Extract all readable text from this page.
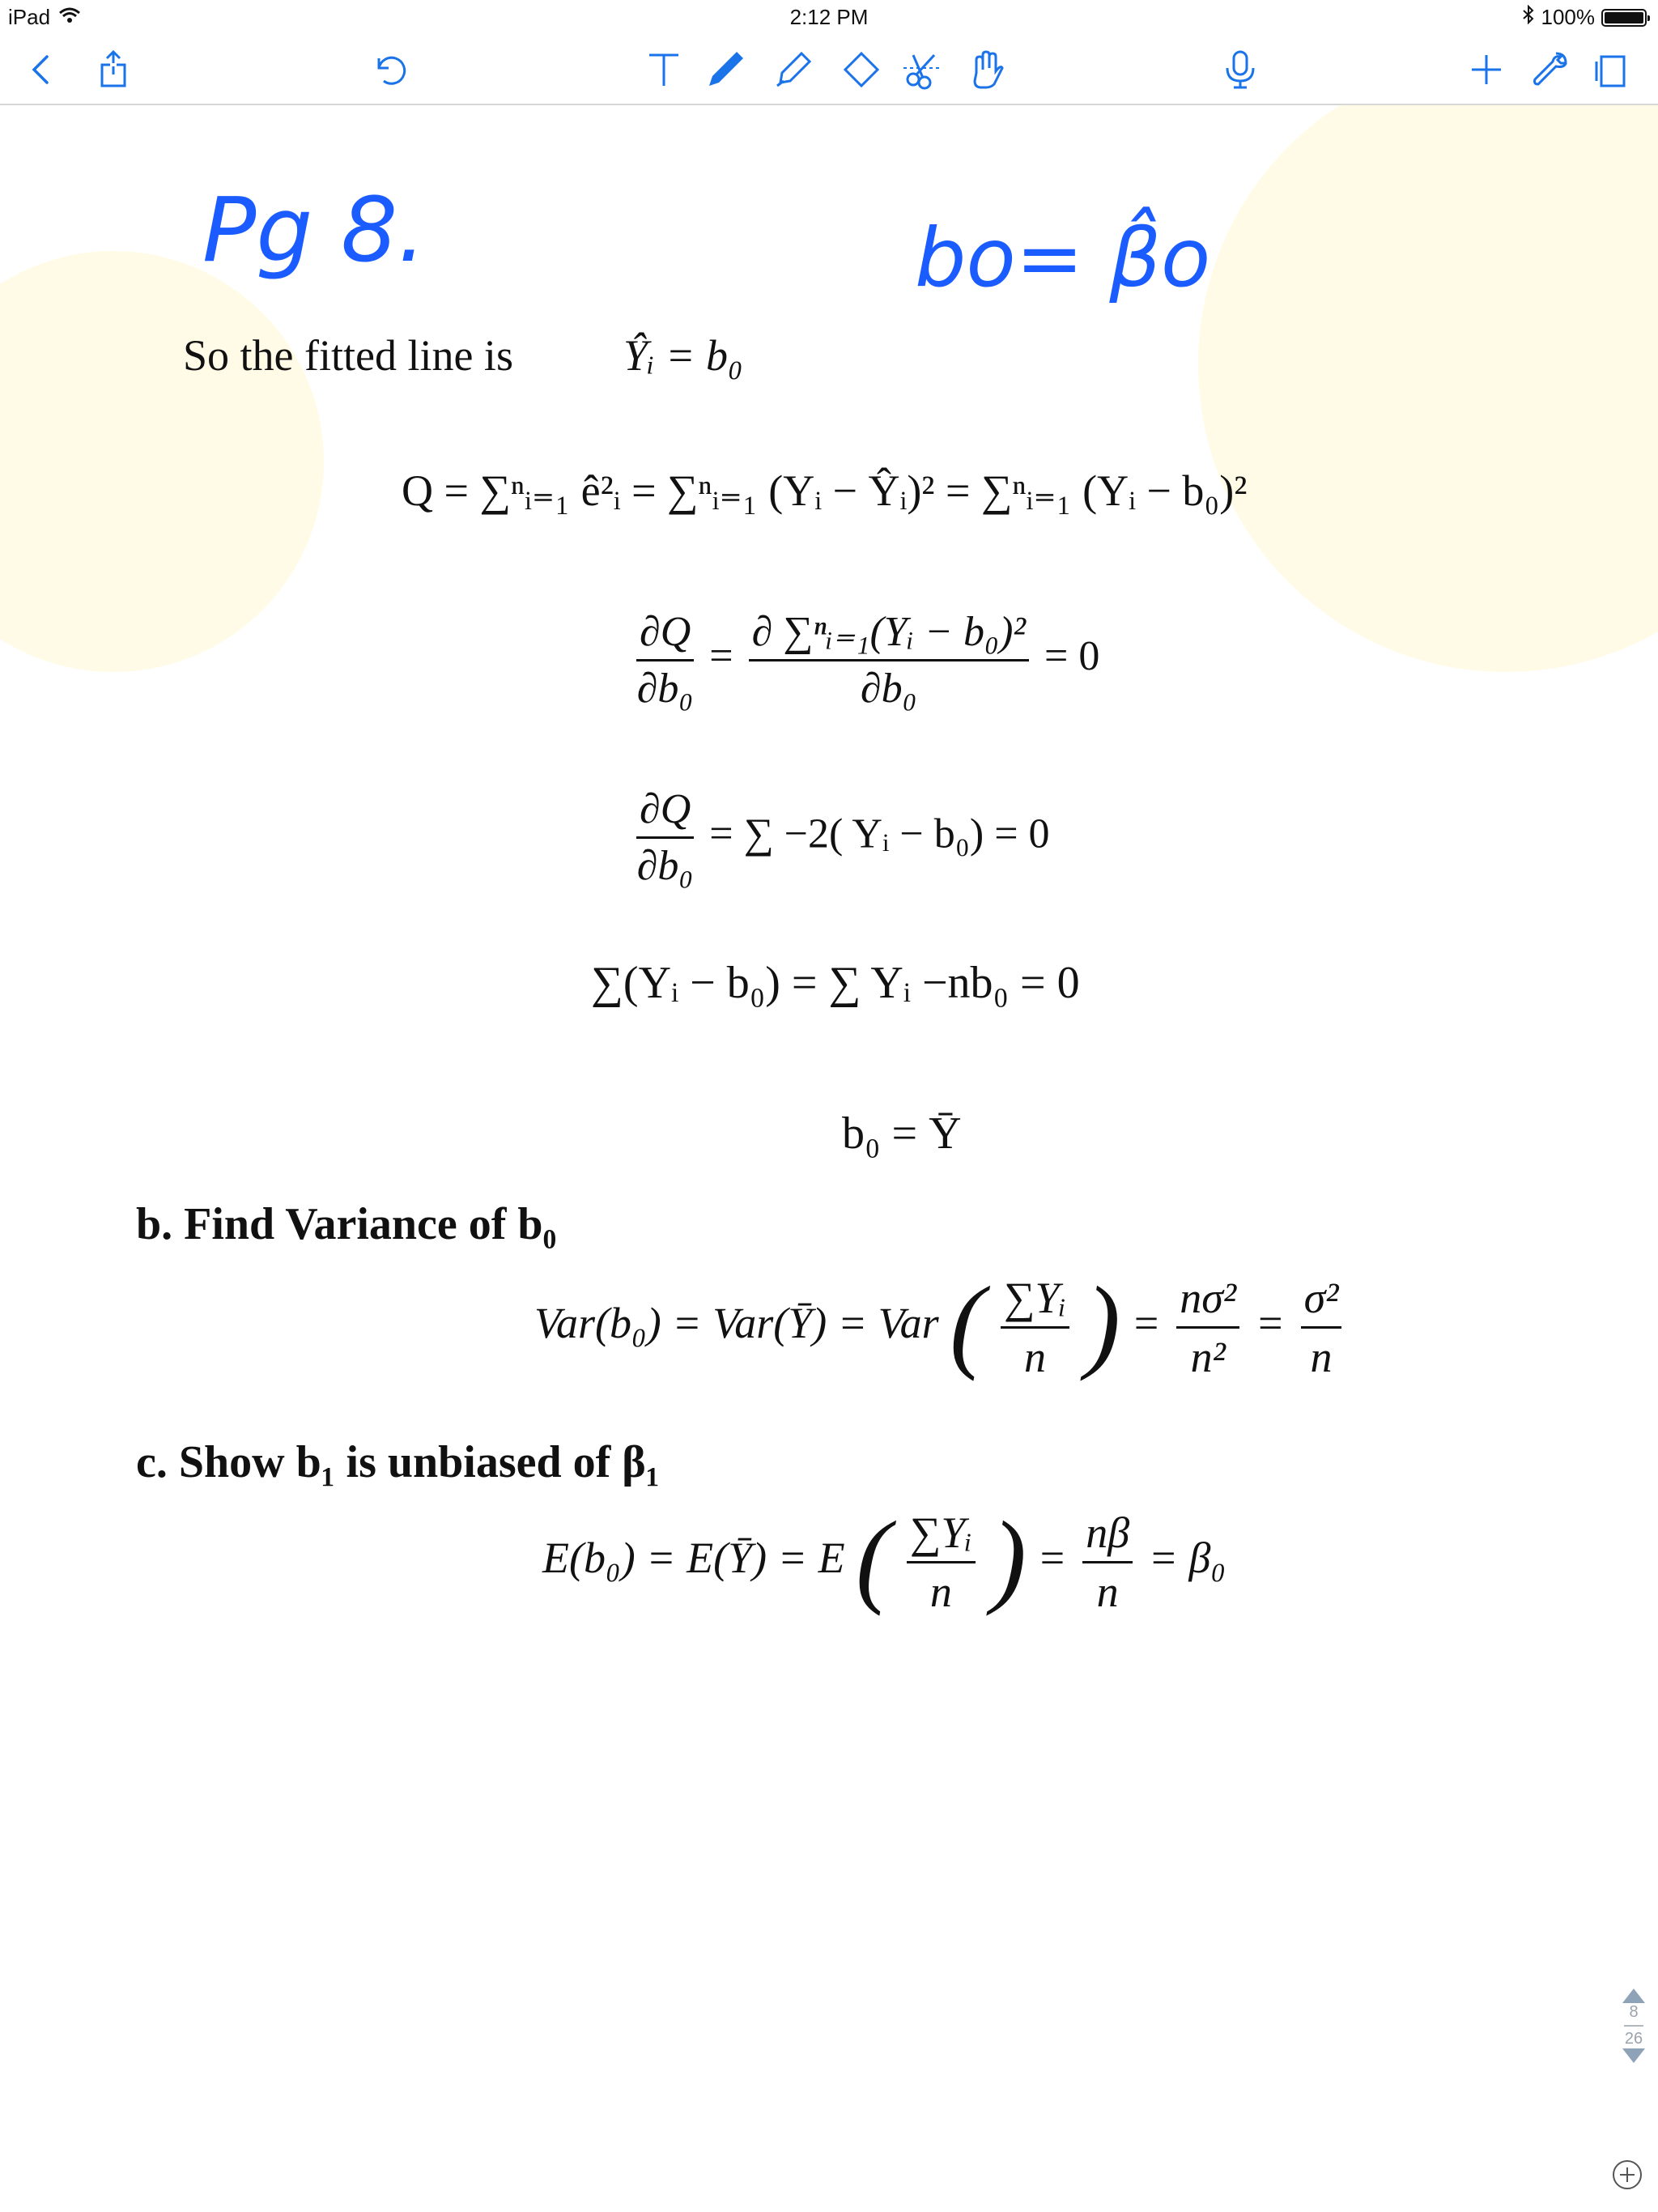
iPad	2:12 PM	100%
Pg 8.	bo= β̂o
So the fitted line is	Ŷᵢ = b₀
Q = ∑ⁿᵢ₌₁ ê²ᵢ = ∑ⁿᵢ₌₁ (Yᵢ − Ŷᵢ)² = ∑ⁿᵢ₌₁ (Yᵢ − b₀)²
$\frac{\partial Q}{\text{∂b₀}} = \frac{\text{∂ ∑ⁿᵢ₌₁(Yᵢ − b₀)²}}{\text{∂b₀}} = 0$
$\frac{\partial Q}{\text{∂b₀}}$ = ∑ −2( Yᵢ − b₀) = 0
∑(Yᵢ − b₀) = ∑ Yᵢ −nb₀ = 0
b₀ = Ȳ
b. Find Variance of b₀
Var(b₀) = Var(Ȳ) = Var ( $\frac{\text{∑Yᵢ}}{n}$ ) = $\frac{\text{nσ²}}{\text{n²}} = \frac{\text{σ²}}{n}$
c. Show b₁ is unbiased of β₁
E(b₀) = E(Ȳ) = E ( $\frac{\text{∑Yᵢ}}{n}$ ) = $\frac{n\beta}{n} = \beta_0$
8
26
